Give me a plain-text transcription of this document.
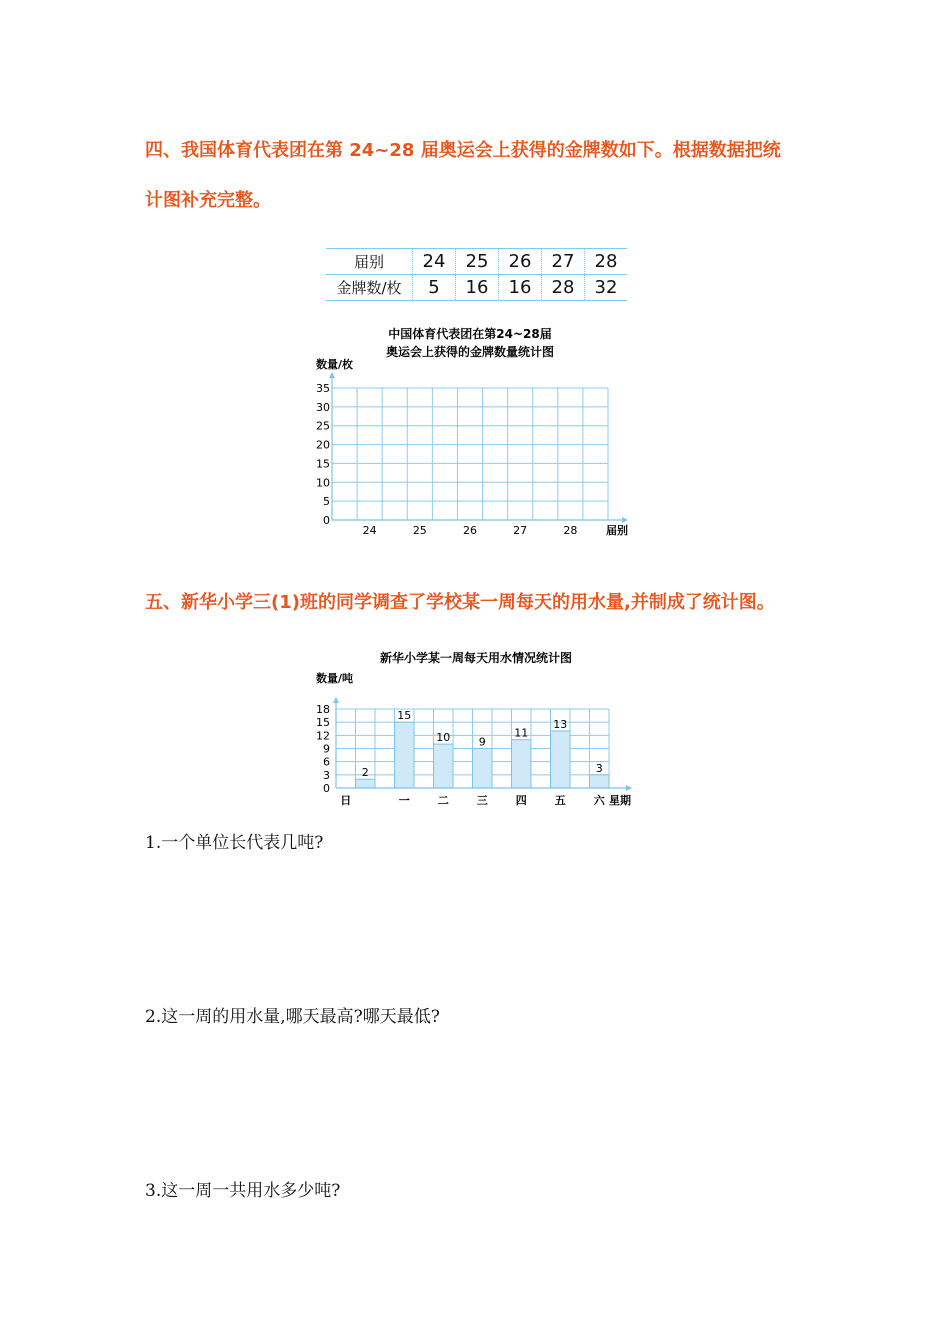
四、我国体育代表团在第 24~28 届奥运会上获得的金牌数如下。根据数据把统
计图补充完整。
届别	24	25	26	27	28
金牌数/枚	5	16	16	28	32
中国体育代表团在第24~28届
奥运会上获得的金牌数量统计图
数量/枚
35
30
25
20
15
10
5
0
24	25	26	27	28	届别
五、新华小学三(1)班的同学调查了学校某一周每天的用水量,并制成了统计图。
新华小学某一周每天用水情况统计图
数量/吨
2
15
10	9
11
13
3
18
15
12
9
6
3
0
日	一	二	三	四	五	六 星期
1.一个单位长代表几吨?
2.这一周的用水量,哪天最高?哪天最低?
3.这一周一共用水多少吨?
